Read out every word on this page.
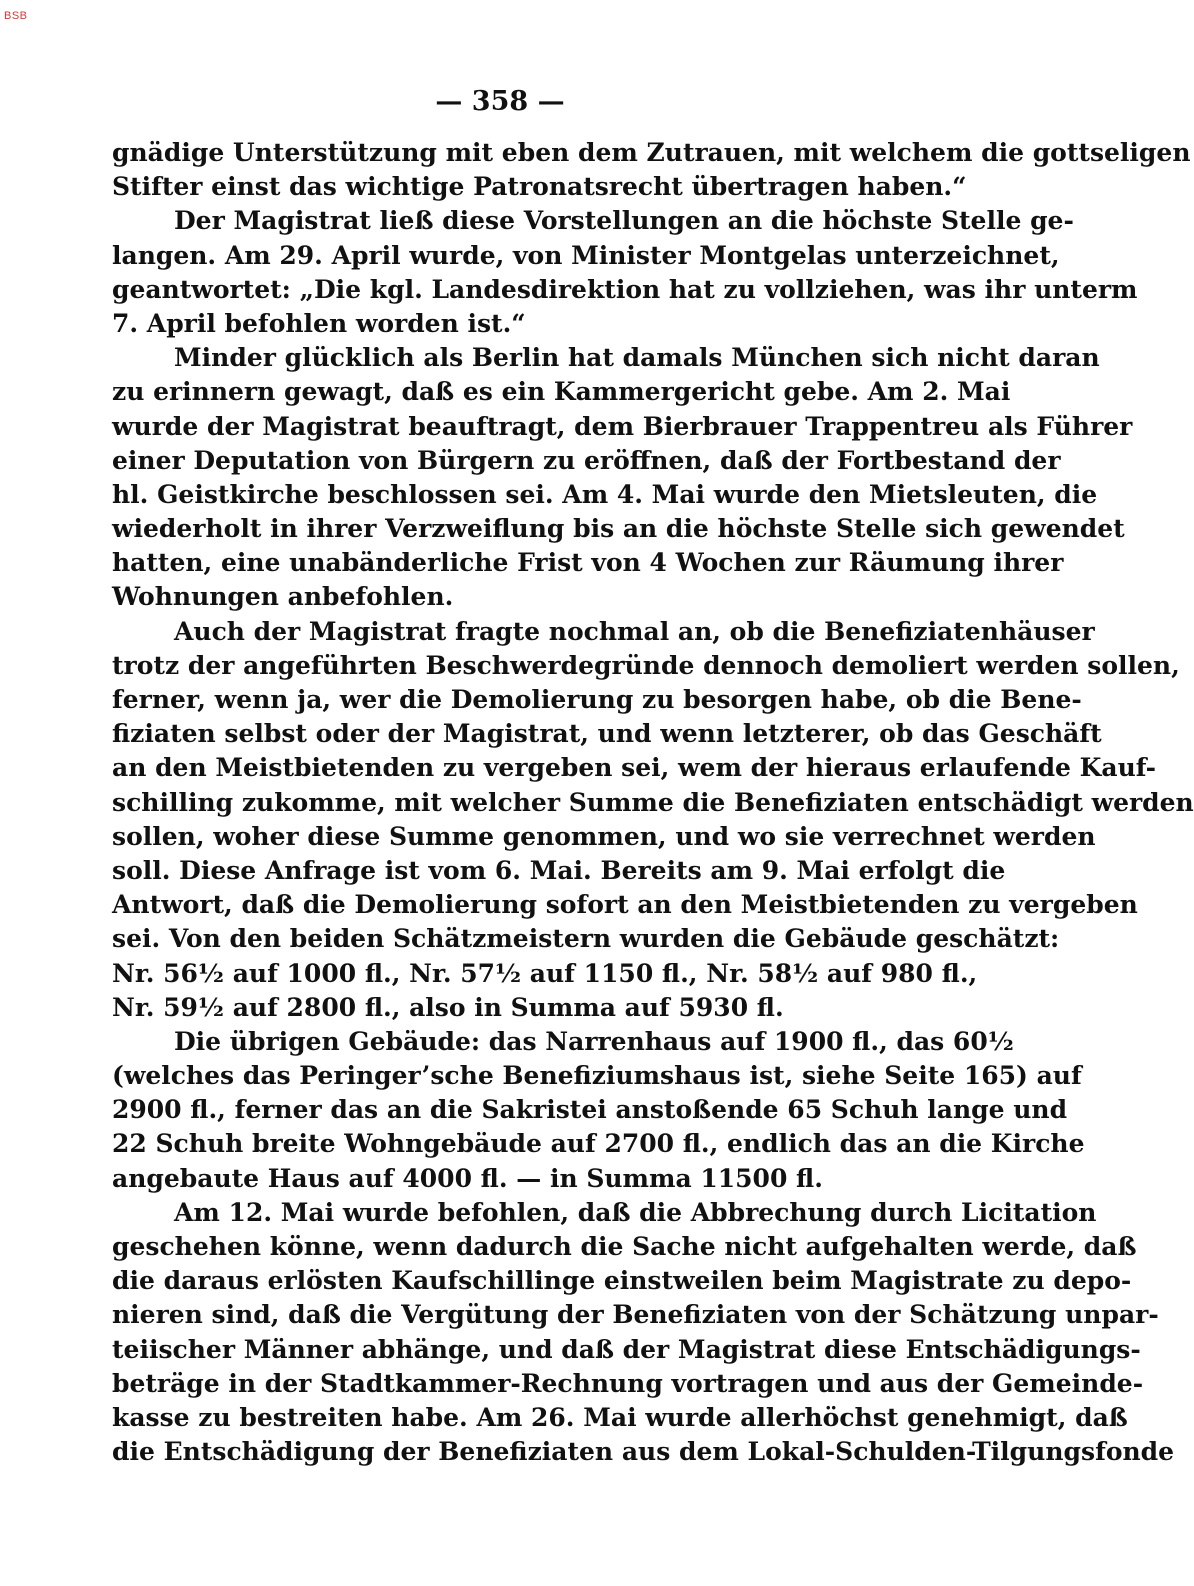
BSB
— 358 —
gnädige Unterstützung mit eben dem Zutrauen, mit welchem die gottseligen
Stifter einst das wichtige Patronatsrecht übertragen haben.“
Der Magistrat ließ diese Vorstellungen an die höchste Stelle ge-
langen. Am 29. April wurde, von Minister Montgelas unterzeichnet,
geantwortet: „Die kgl. Landesdirektion hat zu vollziehen, was ihr unterm
7. April befohlen worden ist.“
Minder glücklich als Berlin hat damals München sich nicht daran
zu erinnern gewagt, daß es ein Kammergericht gebe. Am 2. Mai
wurde der Magistrat beauftragt, dem Bierbrauer Trappentreu als Führer
einer Deputation von Bürgern zu eröffnen, daß der Fortbestand der
hl. Geistkirche beschlossen sei. Am 4. Mai wurde den Mietsleuten, die
wiederholt in ihrer Verzweiflung bis an die höchste Stelle sich gewendet
hatten, eine unabänderliche Frist von 4 Wochen zur Räumung ihrer
Wohnungen anbefohlen.
Auch der Magistrat fragte nochmal an, ob die Benefiziatenhäuser
trotz der angeführten Beschwerdegründe dennoch demoliert werden sollen,
ferner, wenn ja, wer die Demolierung zu besorgen habe, ob die Bene-
fiziaten selbst oder der Magistrat, und wenn letzterer, ob das Geschäft
an den Meistbietenden zu vergeben sei, wem der hieraus erlaufende Kauf-
schilling zukomme, mit welcher Summe die Benefiziaten entschädigt werden
sollen, woher diese Summe genommen, und wo sie verrechnet werden
soll. Diese Anfrage ist vom 6. Mai. Bereits am 9. Mai erfolgt die
Antwort, daß die Demolierung sofort an den Meistbietenden zu vergeben
sei. Von den beiden Schätzmeistern wurden die Gebäude geschätzt:
Nr. 56½ auf 1000 fl., Nr. 57½ auf 1150 fl., Nr. 58½ auf 980 fl.,
Nr. 59½ auf 2800 fl., also in Summa auf 5930 fl.
Die übrigen Gebäude: das Narrenhaus auf 1900 fl., das 60½
(welches das Peringer’sche Benefiziumshaus ist, siehe Seite 165) auf
2900 fl., ferner das an die Sakristei anstoßende 65 Schuh lange und
22 Schuh breite Wohngebäude auf 2700 fl., endlich das an die Kirche
angebaute Haus auf 4000 fl. — in Summa 11500 fl.
Am 12. Mai wurde befohlen, daß die Abbrechung durch Licitation
geschehen könne, wenn dadurch die Sache nicht aufgehalten werde, daß
die daraus erlösten Kaufschillinge einstweilen beim Magistrate zu depo-
nieren sind, daß die Vergütung der Benefiziaten von der Schätzung unpar-
teiischer Männer abhänge, und daß der Magistrat diese Entschädigungs-
beträge in der Stadtkammer-Rechnung vortragen und aus der Gemeinde-
kasse zu bestreiten habe. Am 26. Mai wurde allerhöchst genehmigt, daß
die Entschädigung der Benefiziaten aus dem Lokal-Schulden-Tilgungsfonde
